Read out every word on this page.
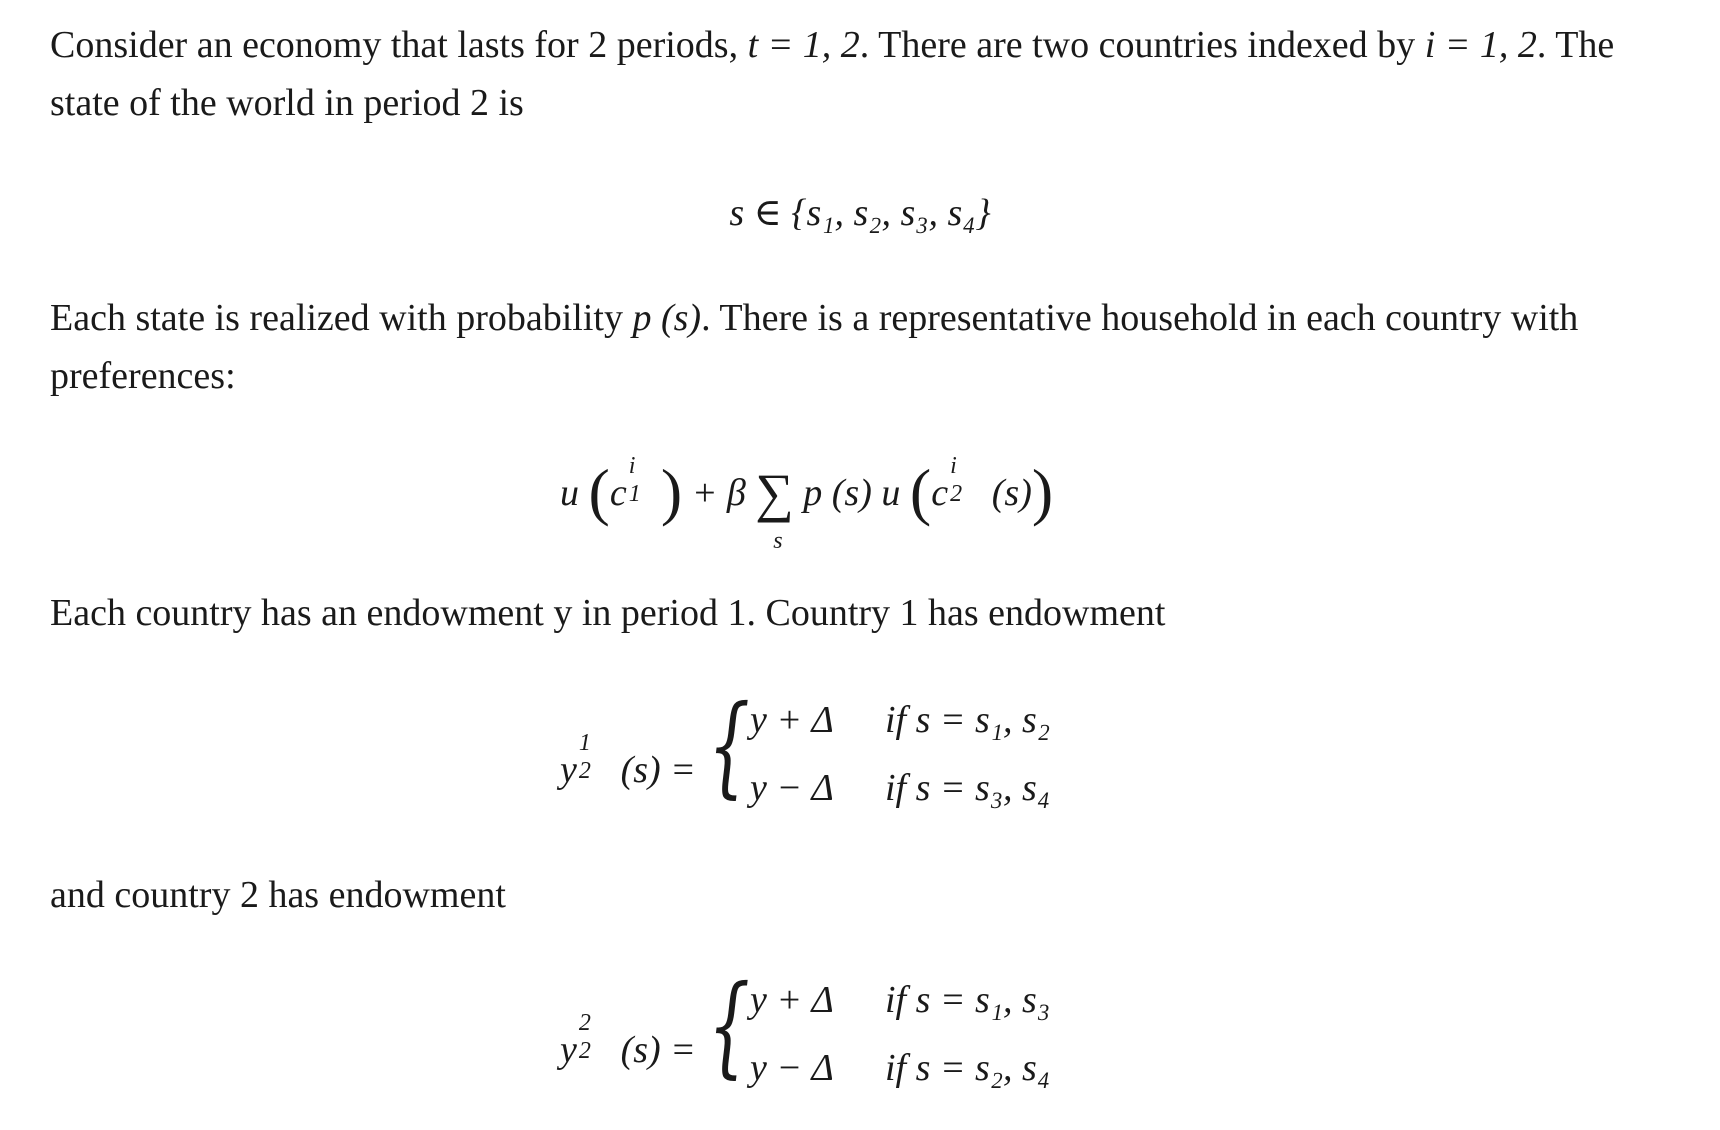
Consider an economy that lasts for 2 periods, t = 1, 2. There are two countries indexed by i = 1, 2. The state of the world in period 2 is

s ∈ {s₁, s₂, s₃, s₄}

Each state is realized with probability p (s). There is a representative household in each country with preferences:

u (c
i
1 ) + β ∑
s
p (s) u (c
i
2 (s))

Each country has an endowment y in period 1. Country 1 has endowment

y
1
2 (s) = { y + Δ if s = s₁, s₂
y − Δ if s = s₃, s₄

and country 2 has endowment

y
2
2 (s) = { y + Δ if s = s₁, s₃
y − Δ if s = s₂, s₄
